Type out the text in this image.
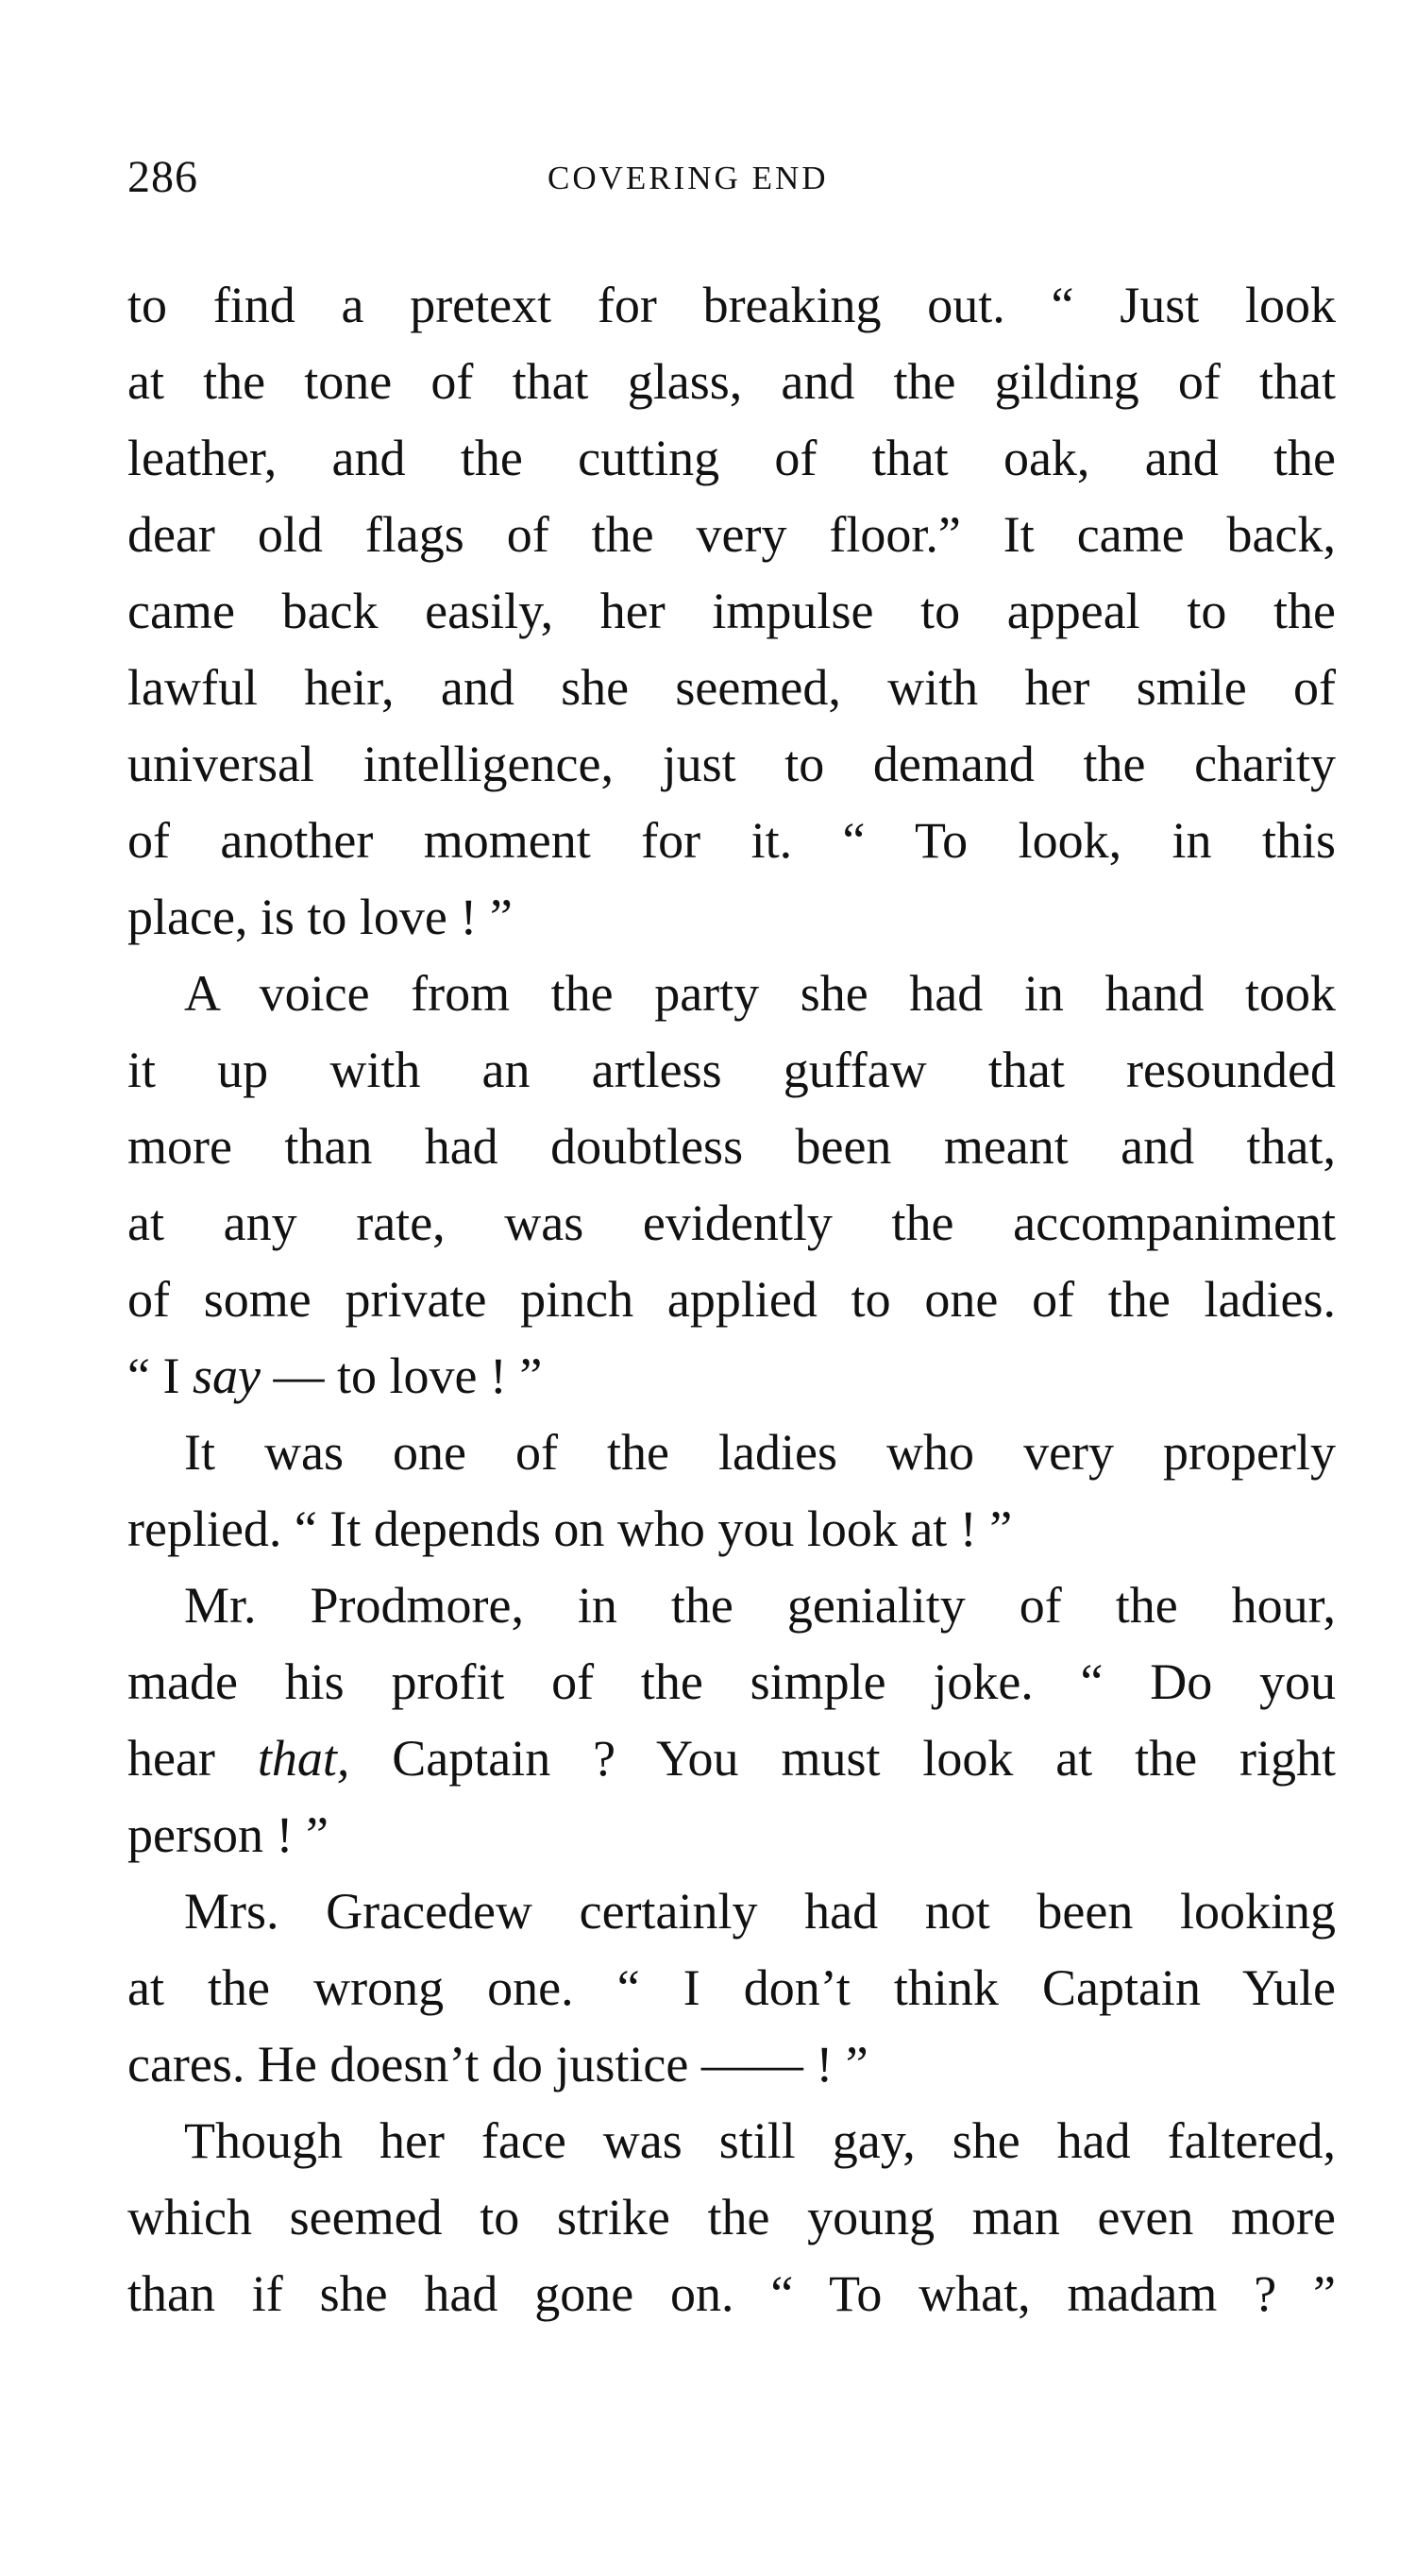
286	COVERING END
to find a pretext for breaking out. “ Just look
at the tone of that glass, and the gilding of that
leather, and the cutting of that oak, and the
dear old flags of the very floor.” It came back,
came back easily, her impulse to appeal to the
lawful heir, and she seemed, with her smile of
universal intelligence, just to demand the charity
of another moment for it. “ To look, in this
place, is to love ! ”
A voice from the party she had in hand took
it up with an artless guffaw that resounded
more than had doubtless been meant and that,
at any rate, was evidently the accompaniment
of some private pinch applied to one of the ladies.
“ I say — to love ! ”
It was one of the ladies who very properly
replied. “ It depends on who you look at ! ”
Mr. Prodmore, in the geniality of the hour,
made his profit of the simple joke. “ Do you
hear that, Captain ? You must look at the right
person ! ”
Mrs. Gracedew certainly had not been looking
at the wrong one. “ I don’t think Captain Yule
cares. He doesn’t do justice —— ! ”
Though her face was still gay, she had faltered,
which seemed to strike the young man even more
than if she had gone on. “ To what, madam ? ”
